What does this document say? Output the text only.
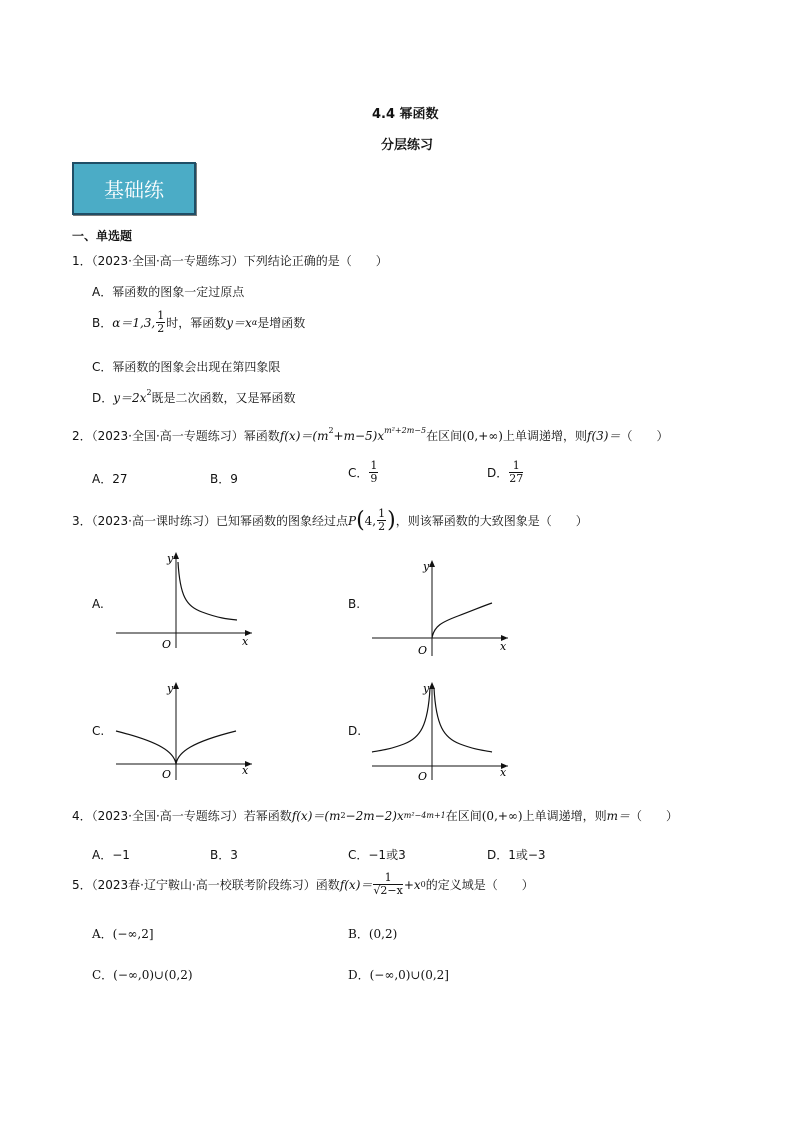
4.4 幂函数
分层练习
基础练
一、单选题
1．（2023·全国·高一专题练习）下列结论正确的是（　　）
A．幂函数的图象一定过原点
B． α＝1,3, $\frac{1}{2}$ 时，幂函数 y＝x α 是增函数
C．幂函数的图象会出现在第四象限
D．$y=2x^2$既是二次函数，又是幂函数
2．（2023·全国·高一专题练习）幂函数$f(x)=(m^2+m-5)x^{m^2+2m-5}$在区间(0,+∞)上单调递增，则f(3)＝（　　）
A．27	B．9	C． $\frac{1}{9}$	D． $\frac{1}{27}$
3．（2023·高一课时练习）已知幂函数的图象经过点 P ( 4, $\frac{1}{2}$ ) ，则该幂函数的大致图象是（　　）
A.	B.
C.	D.
y
x
O
y
x
O
y
x
O
y
x
O
4．（2023·全国·高一专题练习）若幂函数 f(x)＝(m 2 −2m−2)x m²−4m+1 在区间 (0,+∞) 上单调递增，则 m＝ （　　）
A．−1	B．3	C．−1或3	D．1或−3
5．（2023春·辽宁鞍山·高一校联考阶段练习）函数 $f(x)= \frac{1}{√2-x} +x$ 0 的定义域是（　　）
A．(−∞,2]	B．(0,2)
C．(−∞,0)∪(0,2)	D．(−∞,0)∪(0,2]
